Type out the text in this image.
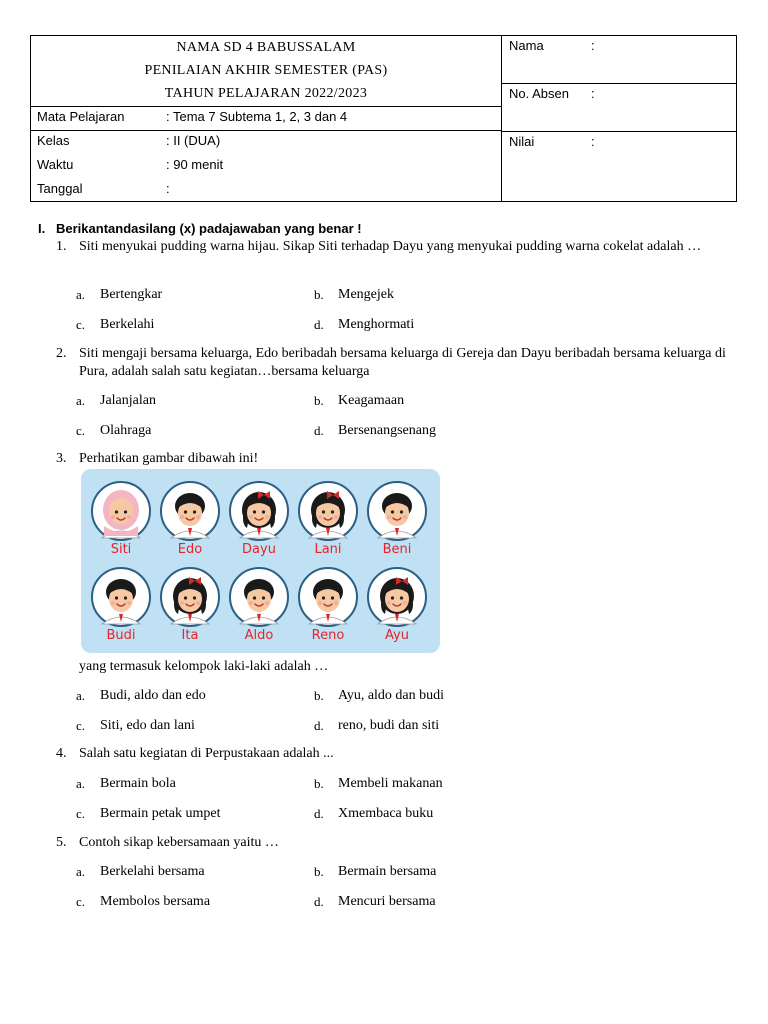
NAMA SD 4 BABUSSALAM
PENILAIAN AKHIR SEMESTER (PAS)
TAHUN PELAJARAN 2022/2023
Mata Pelajaran	: Tema 7 Subtema 1, 2, 3 dan 4
Kelas	: II (DUA)
Waktu	: 90 menit
Tanggal	:
Nama	:
No. Absen :
Nilai	:
I. Berikantandasilang (x) padajawaban yang benar !
1. Siti menyukai pudding warna hijau. Sikap Siti terhadap Dayu yang menyukai pudding warna cokelat adalah …
a. Bertengkar	b. Mengejek
c. Berkelahi	d. Menghormati
2. Siti mengaji bersama keluarga, Edo beribadah bersama keluarga di Gereja dan Dayu beribadah bersama keluarga di Pura, adalah salah satu kegiatan…bersama keluarga
a. Jalanjalan	b. Keagamaan
c. Olahraga	d. Bersenangsenang
3. Perhatikan gambar dibawah ini!
Siti	Edo	Dayu	Lani	Beni
Budi	Ita	Aldo	Reno	Ayu
yang termasuk kelompok laki-laki adalah …
a. Budi, aldo dan edo	b. Ayu, aldo dan budi
c. Siti, edo dan lani	d. reno, budi dan siti
4. Salah satu kegiatan di Perpustakaan adalah ...
a. Bermain bola	b. Membeli makanan
c. Bermain petak umpet	d. Xmembaca buku
5. Contoh sikap kebersamaan yaitu …
a. Berkelahi bersama	b. Bermain bersama
c. Membolos bersama	d. Mencuri bersama
